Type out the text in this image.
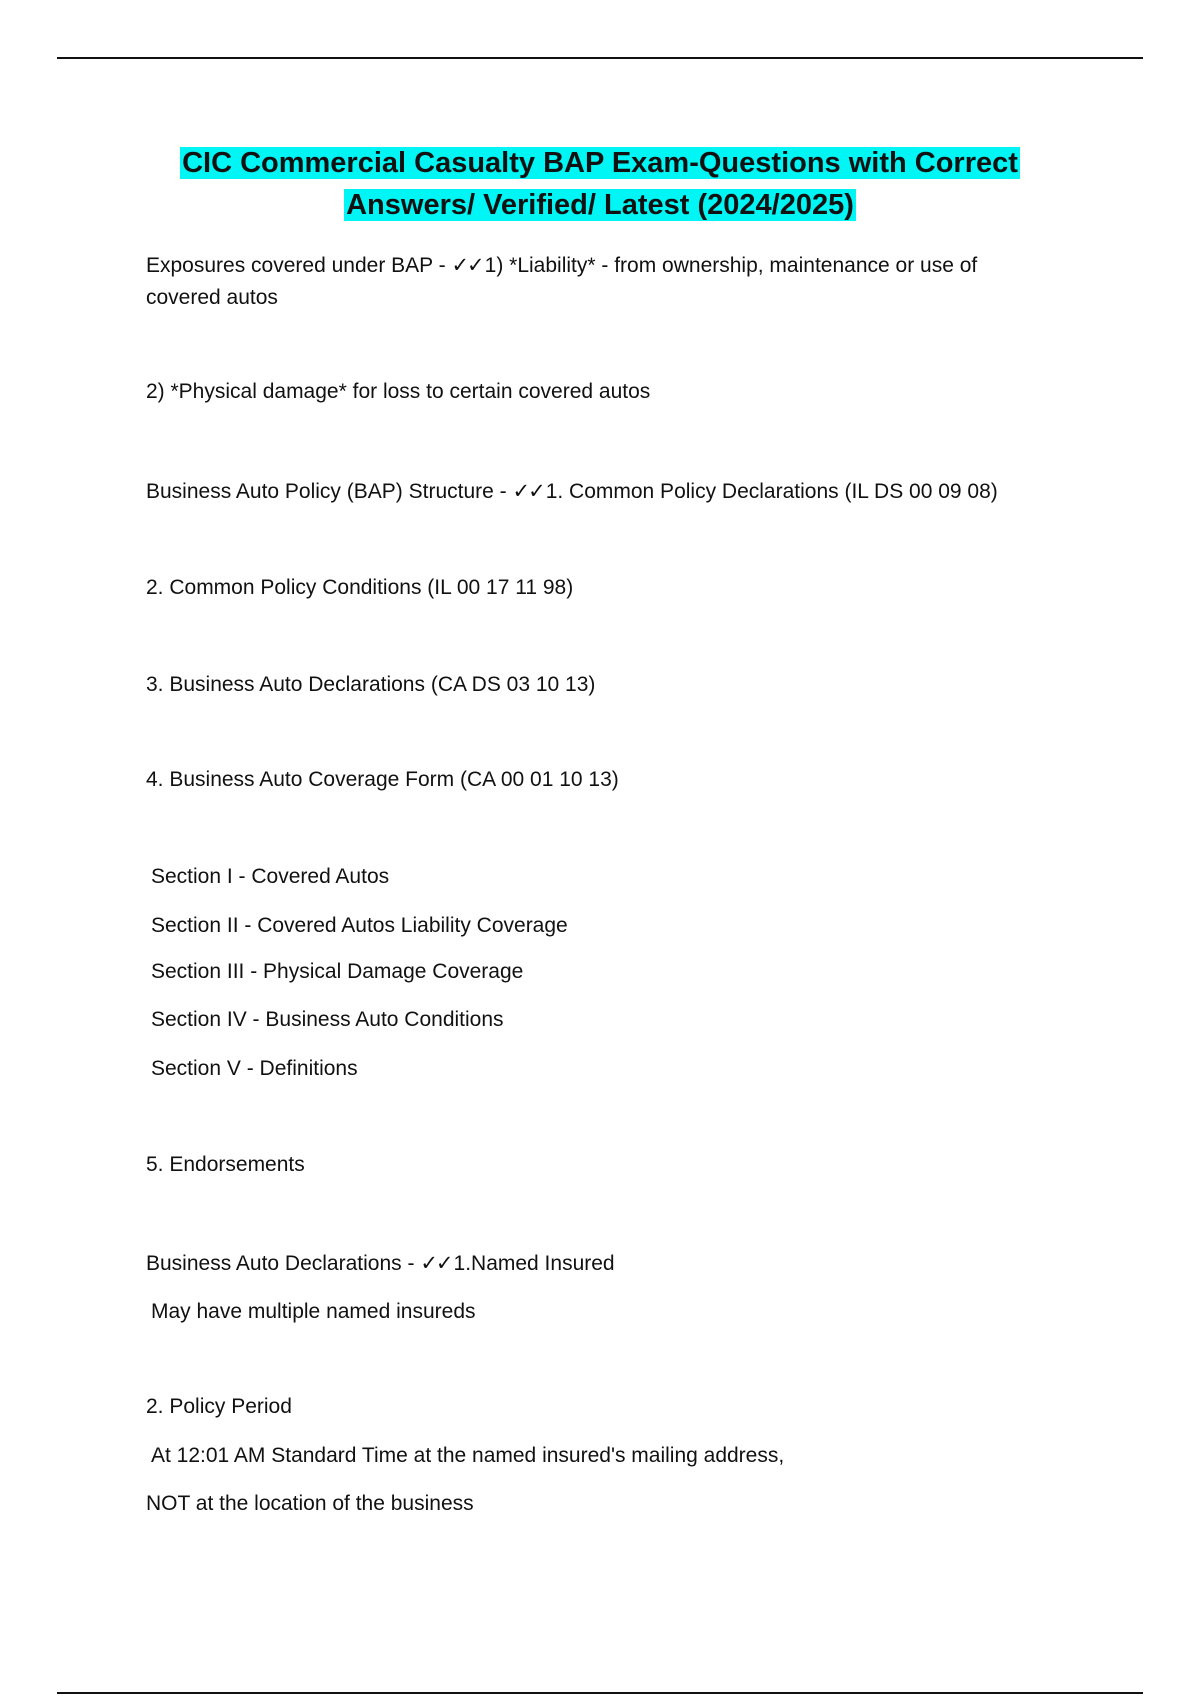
CIC Commercial Casualty BAP Exam-Questions with Correct
Answers/ Verified/ Latest (2024/2025)

Exposures covered under BAP - ✓✓1) *Liability* - from ownership, maintenance or use of covered autos

2) *Physical damage* for loss to certain covered autos

Business Auto Policy (BAP) Structure - ✓✓1. Common Policy Declarations (IL DS 00 09 08)

2. Common Policy Conditions (IL 00 17 11 98)

3. Business Auto Declarations (CA DS 03 10 13)

4. Business Auto Coverage Form (CA 00 01 10 13)

Section I - Covered Autos

Section II - Covered Autos Liability Coverage

Section III - Physical Damage Coverage

Section IV - Business Auto Conditions

Section V - Definitions

5. Endorsements

Business Auto Declarations - ✓✓1.Named Insured

May have multiple named insureds

2. Policy Period

At 12:01 AM Standard Time at the named insured's mailing address,

NOT at the location of the business
